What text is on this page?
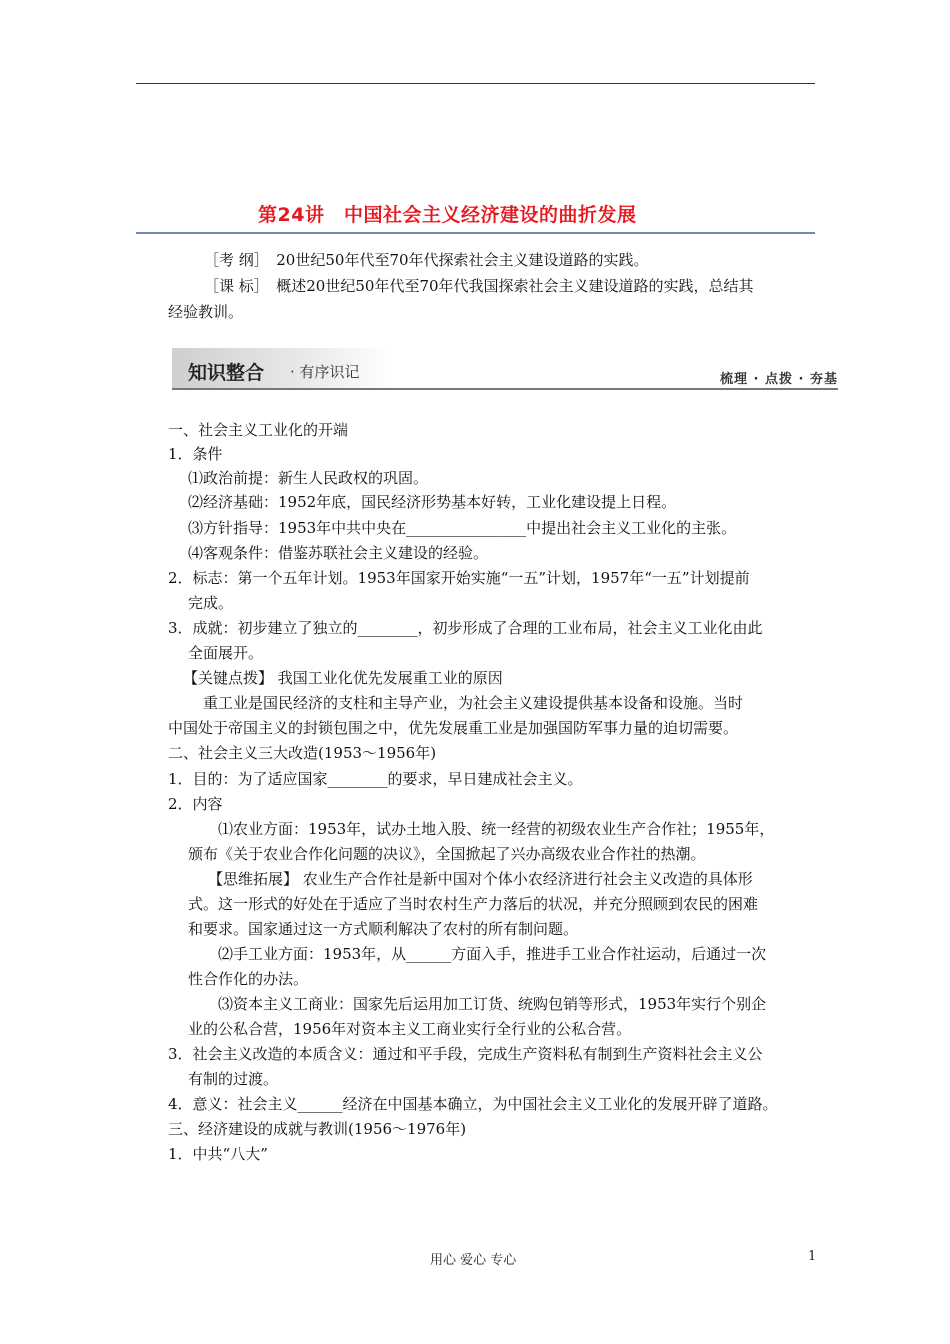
第24讲　中国社会主义经济建设的曲折发展
［考 纲］　20世纪50年代至70年代探索社会主义建设道路的实践。
［课 标］　概述20世纪50年代至70年代我国探索社会主义建设道路的实践，总结其
经验教训。
知识整合 · 有序识记	梳理 · 点拨 · 夯基
一、社会主义工业化的开端
1．条件
⑴政治前提：新生人民政权的巩固。
⑵经济基础：1952年底，国民经济形势基本好转，工业化建设提上日程。
⑶方针指导：1953年中共中央在________________中提出社会主义工业化的主张。
⑷客观条件：借鉴苏联社会主义建设的经验。
2．标志：第一个五年计划。1953年国家开始实施“一五”计划，1957年“一五”计划提前
完成。
3．成就：初步建立了独立的________，初步形成了合理的工业布局，社会主义工业化由此
全面展开。
【关键点拨】 我国工业化优先发展重工业的原因
重工业是国民经济的支柱和主导产业，为社会主义建设提供基本设备和设施。当时
中国处于帝国主义的封锁包围之中，优先发展重工业是加强国防军事力量的迫切需要。
二、社会主义三大改造(1953～1956年)
1．目的：为了适应国家________的要求，早日建成社会主义。
2．内容
⑴农业方面：1953年，试办土地入股、统一经营的初级农业生产合作社；1955年，
颁布《关于农业合作化问题的决议》，全国掀起了兴办高级农业合作社的热潮。
【思维拓展】 农业生产合作社是新中国对个体小农经济进行社会主义改造的具体形
式。这一形式的好处在于适应了当时农村生产力落后的状况，并充分照顾到农民的困难
和要求。国家通过这一方式顺利解决了农村的所有制问题。
⑵手工业方面：1953年，从______方面入手，推进手工业合作社运动，后通过一次
性合作化的办法。
⑶资本主义工商业：国家先后运用加工订货、统购包销等形式，1953年实行个别企
业的公私合营，1956年对资本主义工商业实行全行业的公私合营。
3．社会主义改造的本质含义：通过和平手段，完成生产资料私有制到生产资料社会主义公
有制的过渡。
4．意义：社会主义______经济在中国基本确立，为中国社会主义工业化的发展开辟了道路。
三、经济建设的成就与教训(1956～1976年)
1．中共“八大”
用心 爱心 专心	1
